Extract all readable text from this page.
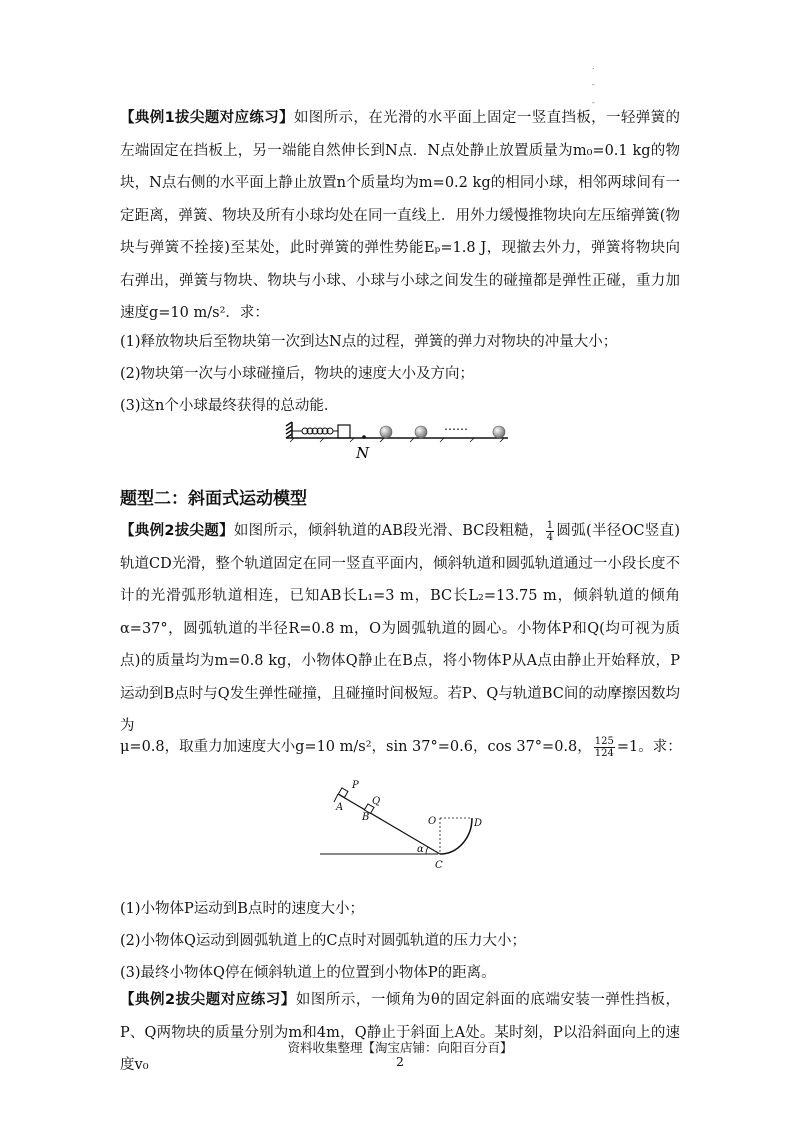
.
-
-
【典例1拔尖题对应练习】如图所示，在光滑的水平面上固定一竖直挡板，一轻弹簧的左端固定在挡板上，另一端能自然伸长到N点．N点处静止放置质量为m₀=0.1 kg的物块，N点右侧的水平面上静止放置n个质量均为m=0.2 kg的相同小球，相邻两球间有一定距离，弹簧、物块及所有小球均处在同一直线上．用外力缓慢推物块向左压缩弹簧(物块与弹簧不拴接)至某处，此时弹簧的弹性势能Eₚ=1.8 J，现撤去外力，弹簧将物块向右弹出，弹簧与物块、物块与小球、小球与小球之间发生的碰撞都是弹性正碰，重力加速度g=10 m/s²．求：
(1)释放物块后至物块第一次到达N点的过程，弹簧的弹力对物块的冲量大小；
(2)物块第一次与小球碰撞后，物块的速度大小及方向；
(3)这n个小球最终获得的总动能．
……
N
题型二：斜面式运动模型
【典例2拔尖题】如图所示，倾斜轨道的AB段光滑、BC段粗糙， $\frac{1}{4}$ 圆弧(半径OC竖直)轨道CD光滑，整个轨道固定在同一竖直平面内，倾斜轨道和圆弧轨道通过一小段长度不计的光滑弧形轨道相连，已知AB长L₁=3 m，BC长L₂=13.75 m，倾斜轨道的倾角α=37°，圆弧轨道的半径R=0.8 m，O为圆弧轨道的圆心。小物体P和Q(均可视为质点)的质量均为m=0.8 kg，小物体Q静止在B点，将小物体P从A点由静止开始释放，P运动到B点时与Q发生弹性碰撞，且碰撞时间极短。若P、Q与轨道BC间的动摩擦因数均为
μ=0.8，取重力加速度大小g=10 m/s²，sin 37°=0.6，cos 37°=0.8， $\frac{125}{124} =1$。求：
P
A
Q
B	O	D
α
C
(1)小物体P运动到B点时的速度大小；
(2)小物体Q运动到圆弧轨道上的C点时对圆弧轨道的压力大小；
(3)最终小物体Q停在倾斜轨道上的位置到小物体P的距离。
【典例2拔尖题对应练习】如图所示，一倾角为θ的固定斜面的底端安装一弹性挡板，P、Q两物块的质量分别为m和4m，Q静止于斜面上A处。某时刻，P以沿斜面向上的速度v₀
资料收集整理【淘宝店铺：向阳百分百】
2
